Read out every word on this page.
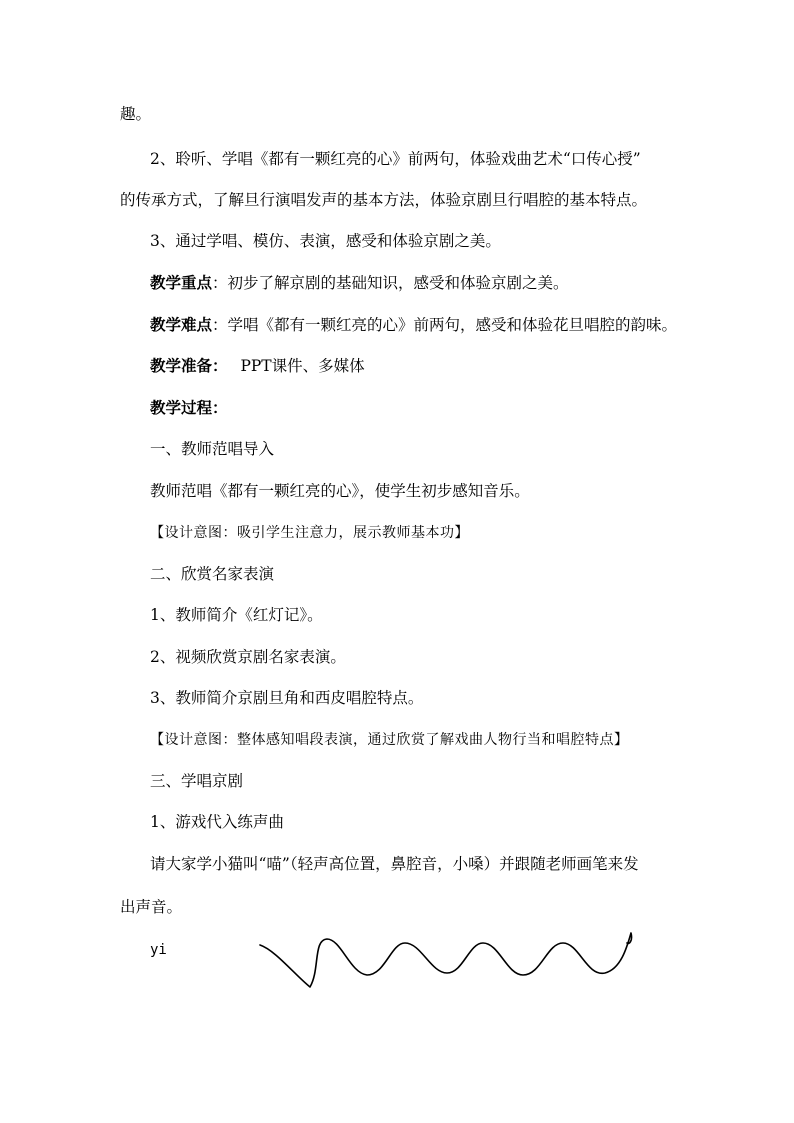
趣。
2、聆听、学唱《都有一颗红亮的心》前两句，体验戏曲艺术“口传心授”
的传承方式，了解旦行演唱发声的基本方法，体验京剧旦行唱腔的基本特点。
3、通过学唱、模仿、表演，感受和体验京剧之美。
教学重点：初步了解京剧的基础知识，感受和体验京剧之美。
教学难点：学唱《都有一颗红亮的心》前两句，感受和体验花旦唱腔的韵味。
教学准备： PPT课件、多媒体
教学过程：
一、教师范唱导入
教师范唱《都有一颗红亮的心》，使学生初步感知音乐。
【设计意图：吸引学生注意力，展示教师基本功】
二、欣赏名家表演
1、教师简介《红灯记》。
2、视频欣赏京剧名家表演。
3、教师简介京剧旦角和西皮唱腔特点。
【设计意图：整体感知唱段表演，通过欣赏了解戏曲人物行当和唱腔特点】
三、学唱京剧
1、游戏代入练声曲
请大家学小猫叫“喵”（轻声高位置，鼻腔音，小嗓）并跟随老师画笔来发
出声音。
yi
